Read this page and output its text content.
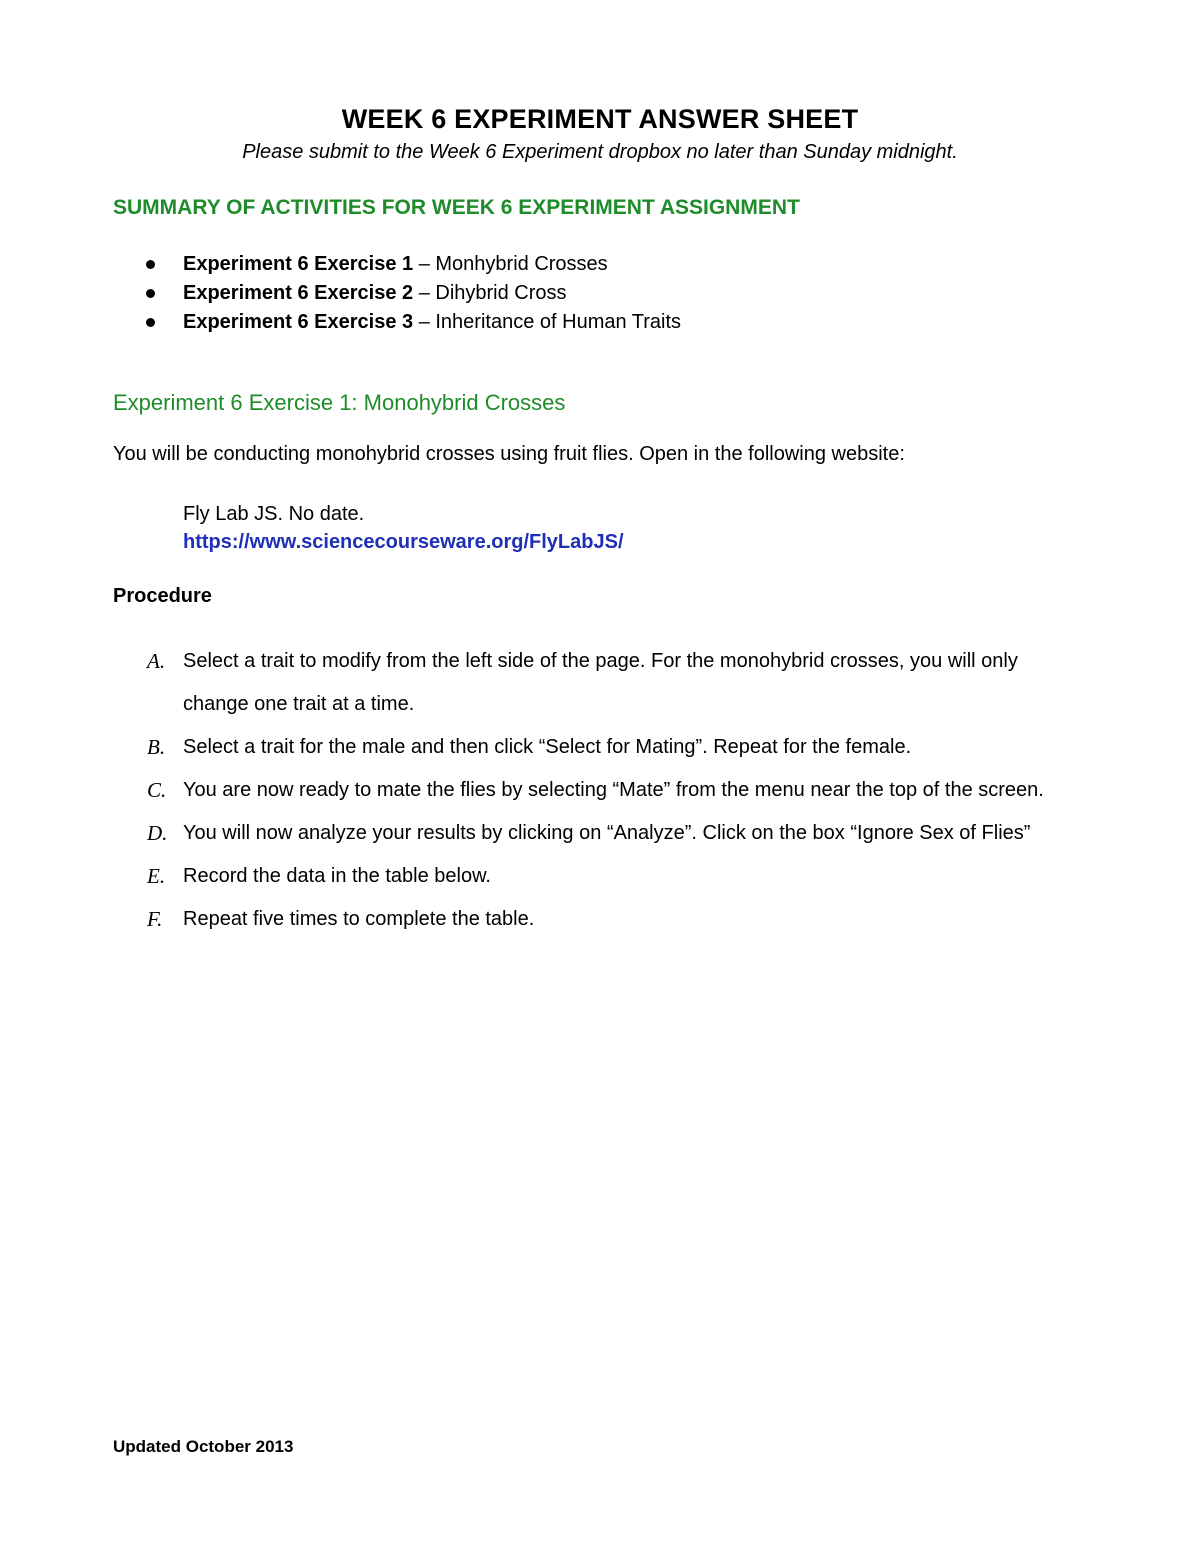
WEEK 6 EXPERIMENT ANSWER SHEET
Please submit to the Week 6 Experiment dropbox no later than Sunday midnight.
SUMMARY OF ACTIVITIES FOR WEEK 6 EXPERIMENT ASSIGNMENT
Experiment 6 Exercise 1 – Monhybrid Crosses
Experiment 6 Exercise 2 – Dihybrid Cross
Experiment 6 Exercise 3 – Inheritance of Human Traits
Experiment 6 Exercise 1: Monohybrid Crosses
You will be conducting monohybrid crosses using fruit flies. Open in the following website:
Fly Lab JS. No date.
https://www.sciencecourseware.org/FlyLabJS/
Procedure
A. Select a trait to modify from the left side of the page. For the monohybrid crosses, you will only change one trait at a time.
B. Select a trait for the male and then click “Select for Mating”. Repeat for the female.
C. You are now ready to mate the flies by selecting “Mate” from the menu near the top of the screen.
D. You will now analyze your results by clicking on “Analyze”. Click on the box “Ignore Sex of Flies”
E. Record the data in the table below.
F. Repeat five times to complete the table.
Updated October 2013
